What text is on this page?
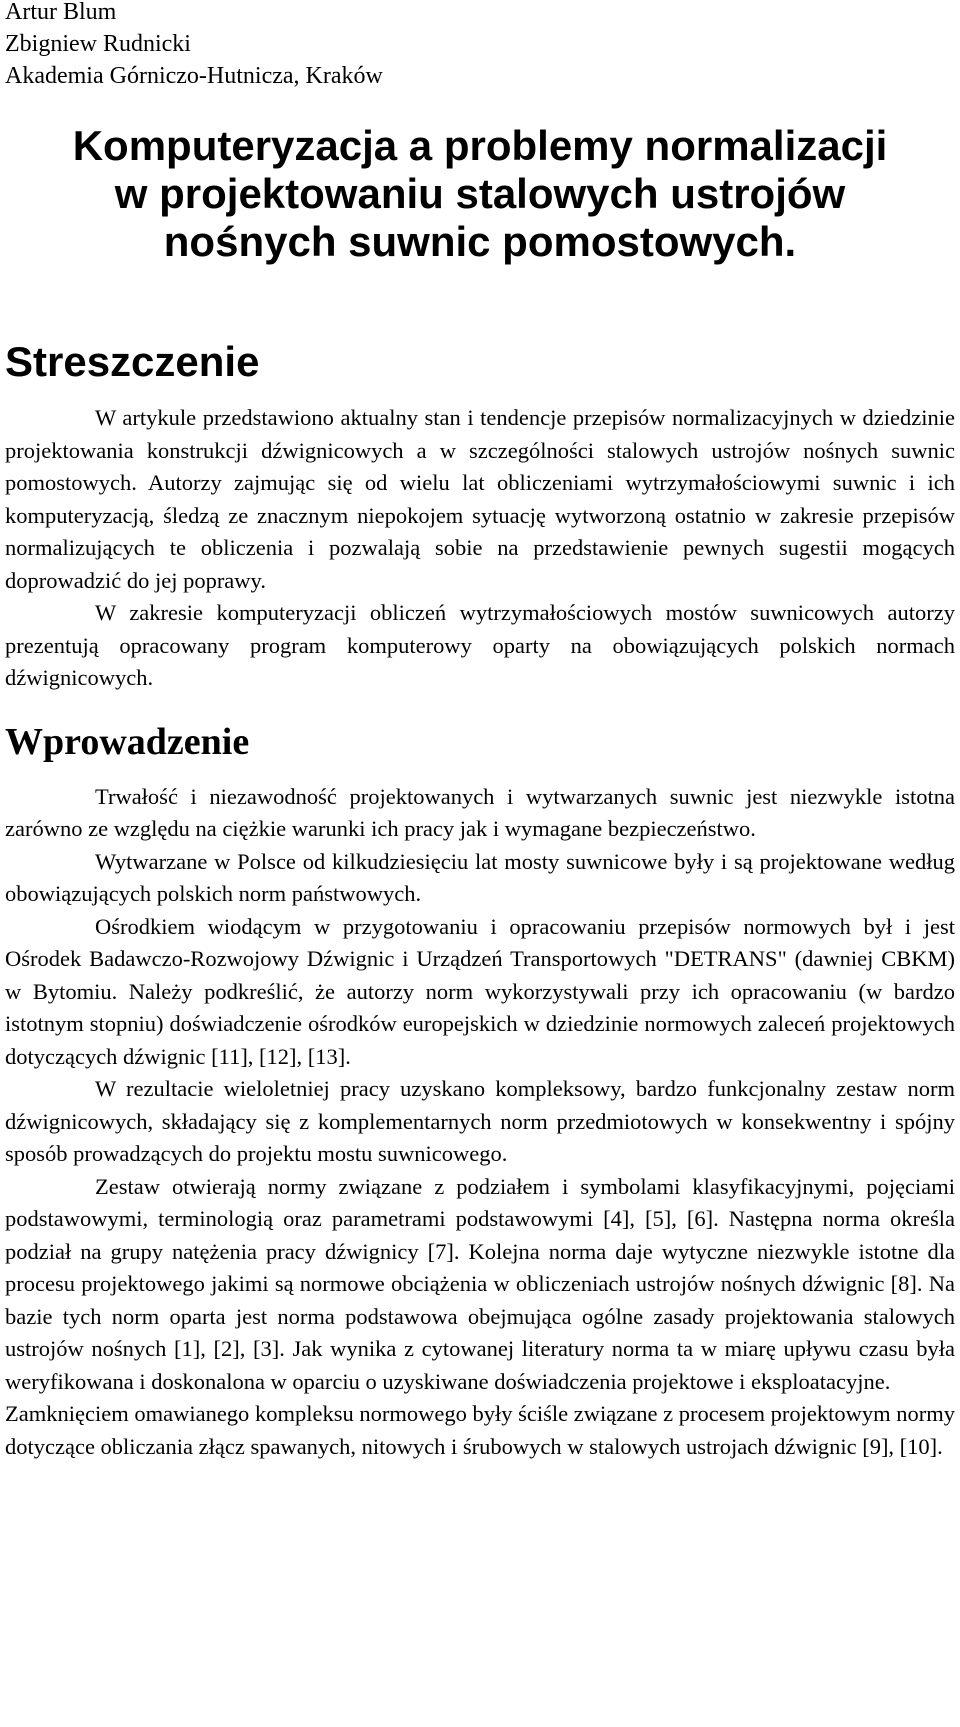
Artur Blum
Zbigniew Rudnicki
Akademia Górniczo-Hutnicza, Kraków
Komputeryzacja a problemy normalizacji
w projektowaniu stalowych ustrojów
nośnych suwnic pomostowych.
Streszczenie

W artykule przedstawiono aktualny stan i tendencje przepisów normalizacyjnych w dziedzinie projektowania konstrukcji dźwignicowych a w szczególności stalowych ustrojów nośnych suwnic pomostowych. Autorzy zajmując się od wielu lat obliczeniami wytrzymałościowymi suwnic i ich komputeryzacją, śledzą ze znacznym niepokojem sytuację wytworzoną ostatnio w zakresie przepisów normalizujących te obliczenia i pozwalają sobie na przedstawienie pewnych sugestii mogących doprowadzić do jej poprawy.

W zakresie komputeryzacji obliczeń wytrzymałościowych mostów suwnicowych autorzy prezentują opracowany program komputerowy oparty na obowiązujących polskich normach dźwignicowych.

Wprowadzenie

Trwałość i niezawodność projektowanych i wytwarzanych suwnic jest niezwykle istotna zarówno ze względu na ciężkie warunki ich pracy jak i wymagane bezpieczeństwo.

Wytwarzane w Polsce od kilkudziesięciu lat mosty suwnicowe były i są projektowane według obowiązujących polskich norm państwowych.

Ośrodkiem wiodącym w przygotowaniu i opracowaniu przepisów normowych był i jest Ośrodek Badawczo-Rozwojowy Dźwignic i Urządzeń Transportowych "DETRANS" (dawniej CBKM) w Bytomiu. Należy podkreślić, że autorzy norm wykorzystywali przy ich opracowaniu (w bardzo istotnym stopniu) doświadczenie ośrodków europejskich w dziedzinie normowych zaleceń projektowych dotyczących dźwignic [11], [12], [13].

W rezultacie wieloletniej pracy uzyskano kompleksowy, bardzo funkcjonalny zestaw norm dźwignicowych, składający się z komplementarnych norm przedmiotowych w konsekwentny i spójny sposób prowadzących do projektu mostu suwnicowego.

Zestaw otwierają normy związane z podziałem i symbolami klasyfikacyjnymi, pojęciami podstawowymi, terminologią oraz parametrami podstawowymi [4], [5], [6]. Następna norma określa podział na grupy natężenia pracy dźwignicy [7]. Kolejna norma daje wytyczne niezwykle istotne dla procesu projektowego jakimi są normowe obciążenia w obliczeniach ustrojów nośnych dźwignic [8]. Na bazie tych norm oparta jest norma podstawowa obejmująca ogólne zasady projektowania stalowych ustrojów nośnych [1], [2], [3]. Jak wynika z cytowanej literatury norma ta w miarę upływu czasu była weryfikowana i doskonalona w oparciu o uzyskiwane doświadczenia projektowe i eksploatacyjne.

Zamknięciem omawianego kompleksu normowego były ściśle związane z procesem projektowym normy dotyczące obliczania złącz spawanych, nitowych i śrubowych w stalowych ustrojach dźwignic [9], [10].
